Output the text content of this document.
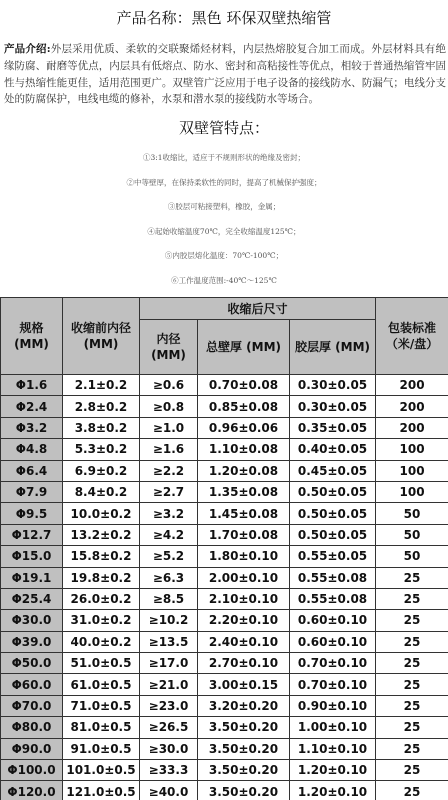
产品名称：黑色 环保双壁热缩管
产品介绍:外层采用优质、柔软的交联聚烯烃材料，内层热熔胶复合加工而成。外层材料具有绝缘防腐、耐磨等优点，内层具有低熔点、防水、密封和高粘接性等优点，相较于普通热缩管牢固性与热缩性能更佳，适用范围更广。双壁管广泛应用于电子设备的接线防水、防漏气；电线分支处的防腐保护，电线电缆的修补，水泵和潜水泵的接线防水等场合。
双壁管特点：
①3:1收缩比，适应于不规则形状的绝缘及密封；
②中等壁厚，在保持柔软性的同时，提高了机械保护强度；
③胶层可粘接塑料，橡胶，金属；
④起始收缩温度70℃，完全收缩温度125℃；
⑤内胶层熔化温度：70℃-100℃；
⑥工作温度范围:-40℃～125℃
规格 (MM)	收缩前内径 (MM)	收缩后尺寸			包装标准 （米/盘）
		内径 (MM)	总壁厚 (MM)	胶层厚 (MM)	
Φ1.6	2.1±0.2	≥0.6	0.70±0.08	0.30±0.05	200
Φ2.4	2.8±0.2	≥0.8	0.85±0.08	0.30±0.05	200
Φ3.2	3.8±0.2	≥1.0	0.96±0.06	0.35±0.05	200
Φ4.8	5.3±0.2	≥1.6	1.10±0.08	0.40±0.05	100
Φ6.4	6.9±0.2	≥2.2	1.20±0.08	0.45±0.05	100
Φ7.9	8.4±0.2	≥2.7	1.35±0.08	0.50±0.05	100
Φ9.5	10.0±0.2	≥3.2	1.45±0.08	0.50±0.05	50
Φ12.7	13.2±0.2	≥4.2	1.70±0.08	0.50±0.05	50
Φ15.0	15.8±0.2	≥5.2	1.80±0.10	0.55±0.05	50
Φ19.1	19.8±0.2	≥6.3	2.00±0.10	0.55±0.08	25
Φ25.4	26.0±0.2	≥8.5	2.10±0.10	0.55±0.08	25
Φ30.0	31.0±0.2	≥10.2	2.20±0.10	0.60±0.10	25
Φ39.0	40.0±0.2	≥13.5	2.40±0.10	0.60±0.10	25
Φ50.0	51.0±0.5	≥17.0	2.70±0.10	0.70±0.10	25
Φ60.0	61.0±0.5	≥21.0	3.00±0.15	0.70±0.10	25
Φ70.0	71.0±0.5	≥23.0	3.20±0.20	0.90±0.10	25
Φ80.0	81.0±0.5	≥26.5	3.50±0.20	1.00±0.10	25
Φ90.0	91.0±0.5	≥30.0	3.50±0.20	1.10±0.10	25
Φ100.0	101.0±0.5	≥33.3	3.50±0.20	1.20±0.10	25
Φ120.0	121.0±0.5	≥40.0	3.50±0.20	1.20±0.10	25
